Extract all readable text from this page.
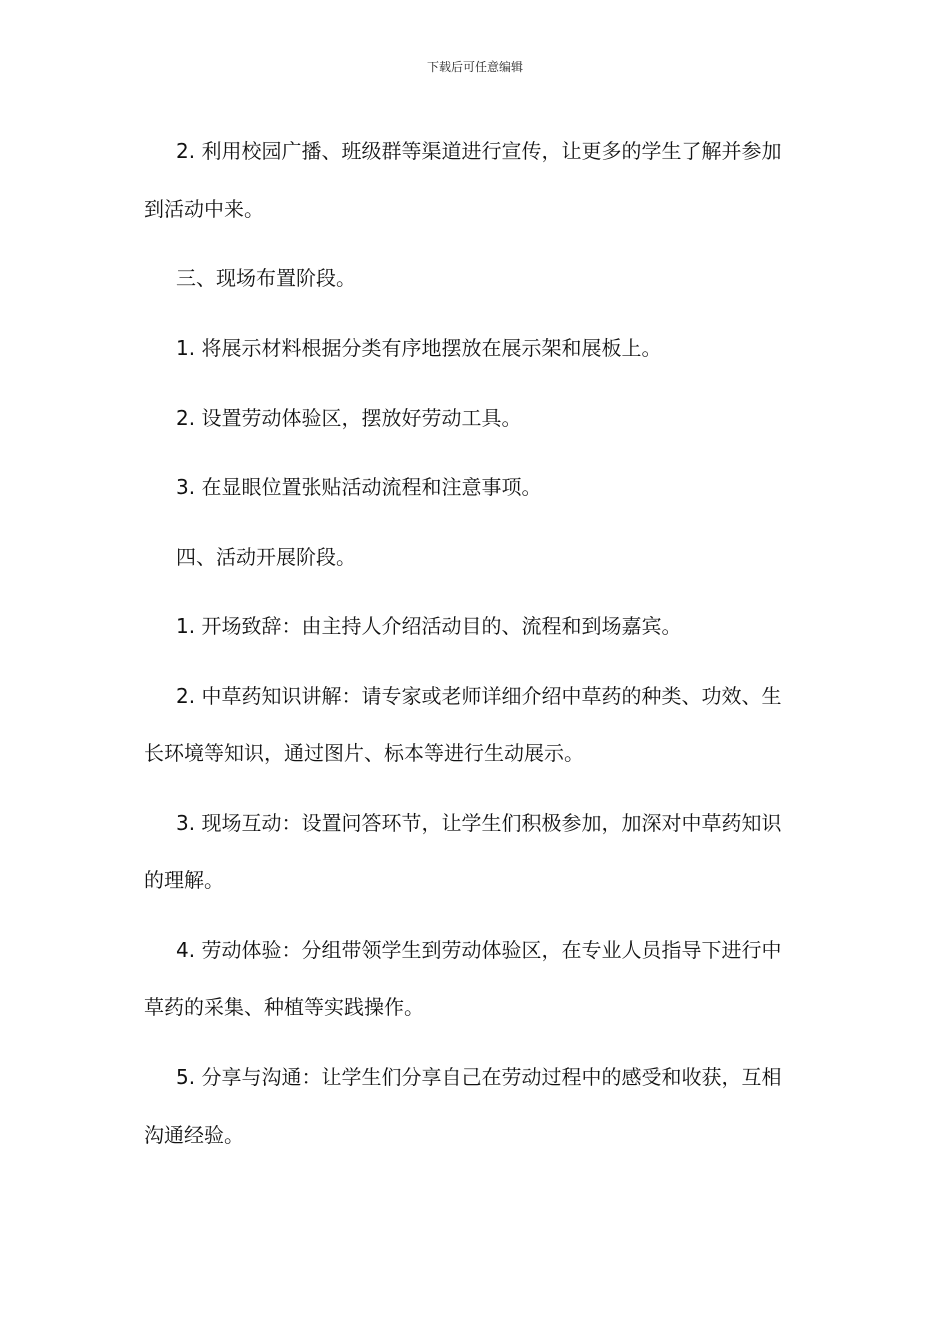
下载后可任意编辑
2. 利用校园广播、班级群等渠道进行宣传，让更多的学生了解并参加
到活动中来。
三、现场布置阶段。
1. 将展示材料根据分类有序地摆放在展示架和展板上。
2. 设置劳动体验区，摆放好劳动工具。
3. 在显眼位置张贴活动流程和注意事项。
四、活动开展阶段。
1. 开场致辞：由主持人介绍活动目的、流程和到场嘉宾。
2. 中草药知识讲解：请专家或老师详细介绍中草药的种类、功效、生
长环境等知识，通过图片、标本等进行生动展示。
3. 现场互动：设置问答环节，让学生们积极参加，加深对中草药知识
的理解。
4. 劳动体验：分组带领学生到劳动体验区，在专业人员指导下进行中
草药的采集、种植等实践操作。
5. 分享与沟通：让学生们分享自己在劳动过程中的感受和收获，互相
沟通经验。
